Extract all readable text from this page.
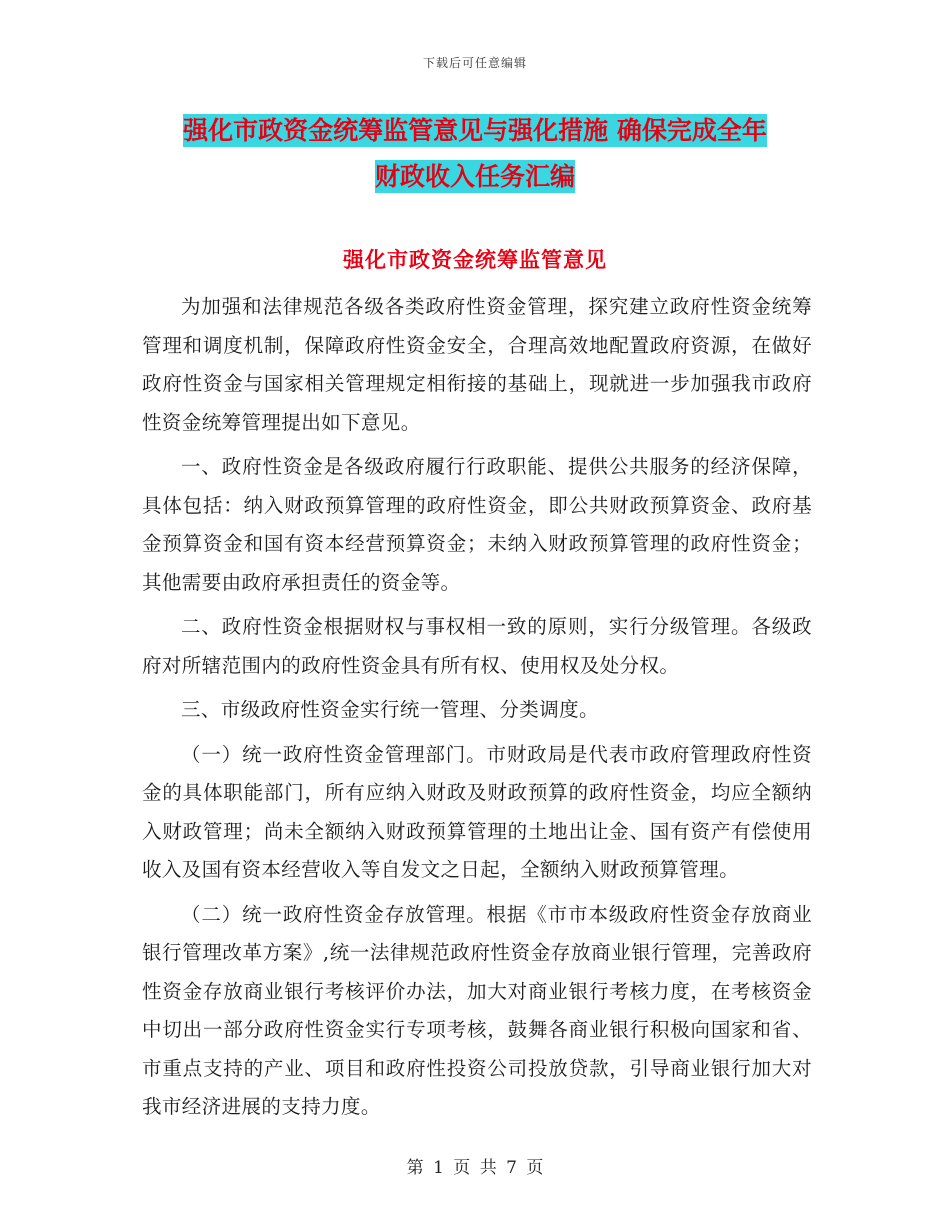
下载后可任意编辑
强化市政资金统筹监管意见与强化措施 确保完成全年
财政收入任务汇编
强化市政资金统筹监管意见

为加强和法律规范各级各类政府性资金管理，探究建立政府性资金统筹管理和调度机制，保障政府性资金安全，合理高效地配置政府资源，在做好政府性资金与国家相关管理规定相衔接的基础上，现就进一步加强我市政府性资金统筹管理提出如下意见。

一、政府性资金是各级政府履行行政职能、提供公共服务的经济保障，具体包括：纳入财政预算管理的政府性资金，即公共财政预算资金、政府基金预算资金和国有资本经营预算资金；未纳入财政预算管理的政府性资金；其他需要由政府承担责任的资金等。

二、政府性资金根据财权与事权相一致的原则，实行分级管理。各级政府对所辖范围内的政府性资金具有所有权、使用权及处分权。

三、市级政府性资金实行统一管理、分类调度。

（一）统一政府性资金管理部门。市财政局是代表市政府管理政府性资金的具体职能部门，所有应纳入财政及财政预算的政府性资金，均应全额纳入财政管理；尚未全额纳入财政预算管理的土地出让金、国有资产有偿使用收入及国有资本经营收入等自发文之日起，全额纳入财政预算管理。

（二）统一政府性资金存放管理。根据《市市本级政府性资金存放商业银行管理改革方案》,统一法律规范政府性资金存放商业银行管理，完善政府性资金存放商业银行考核评价办法，加大对商业银行考核力度，在考核资金中切出一部分政府性资金实行专项考核，鼓舞各商业银行积极向国家和省、市重点支持的产业、项目和政府性投资公司投放贷款，引导商业银行加大对我市经济进展的支持力度。

第 1 页 共 7 页
